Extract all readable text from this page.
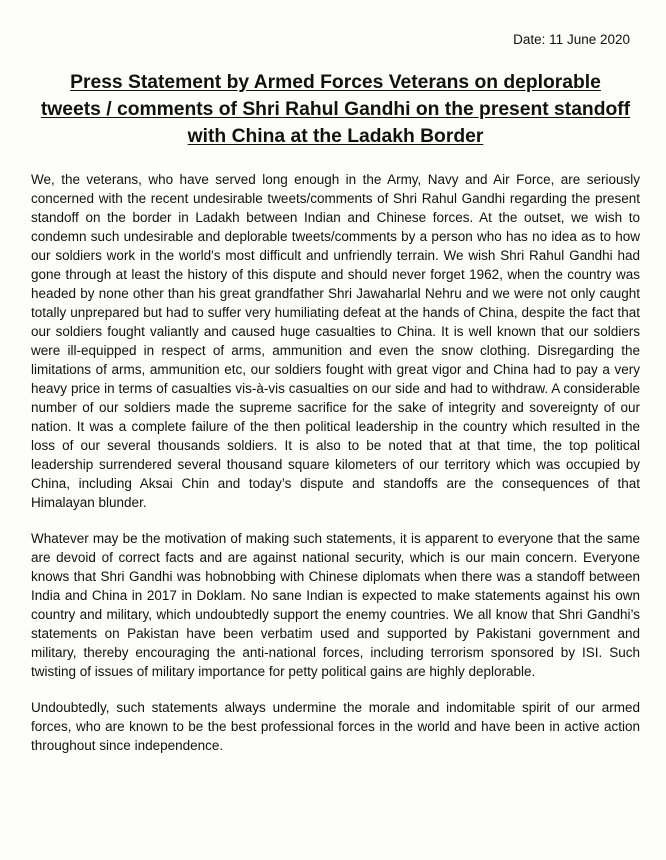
Date: 11 June 2020
Press Statement by Armed Forces Veterans on deplorable tweets / comments of Shri Rahul Gandhi on the present standoff with China at the Ladakh Border

We, the veterans, who have served long enough in the Army, Navy and Air Force, are seriously concerned with the recent undesirable tweets/comments of Shri Rahul Gandhi regarding the present standoff on the border in Ladakh between Indian and Chinese forces. At the outset, we wish to condemn such undesirable and deplorable tweets/comments by a person who has no idea as to how our soldiers work in the world's most difficult and unfriendly terrain. We wish Shri Rahul Gandhi had gone through at least the history of this dispute and should never forget 1962, when the country was headed by none other than his great grandfather Shri Jawaharlal Nehru and we were not only caught totally unprepared but had to suffer very humiliating defeat at the hands of China, despite the fact that our soldiers fought valiantly and caused huge casualties to China. It is well known that our soldiers were ill-equipped in respect of arms, ammunition and even the snow clothing. Disregarding the limitations of arms, ammunition etc, our soldiers fought with great vigor and China had to pay a very heavy price in terms of casualties vis-à-vis casualties on our side and had to withdraw. A considerable number of our soldiers made the supreme sacrifice for the sake of integrity and sovereignty of our nation. It was a complete failure of the then political leadership in the country which resulted in the loss of our several thousands soldiers. It is also to be noted that at that time, the top political leadership surrendered several thousand square kilometers of our territory which was occupied by China, including Aksai Chin and today’s dispute and standoffs are the consequences of that Himalayan blunder.

Whatever may be the motivation of making such statements, it is apparent to everyone that the same are devoid of correct facts and are against national security, which is our main concern. Everyone knows that Shri Gandhi was hobnobbing with Chinese diplomats when there was a standoff between India and China in 2017 in Doklam. No sane Indian is expected to make statements against his own country and military, which undoubtedly support the enemy countries. We all know that Shri Gandhi’s statements on Pakistan have been verbatim used and supported by Pakistani government and military, thereby encouraging the anti-national forces, including terrorism sponsored by ISI. Such twisting of issues of military importance for petty political gains are highly deplorable.

Undoubtedly, such statements always undermine the morale and indomitable spirit of our armed forces, who are known to be the best professional forces in the world and have been in active action throughout since independence.
